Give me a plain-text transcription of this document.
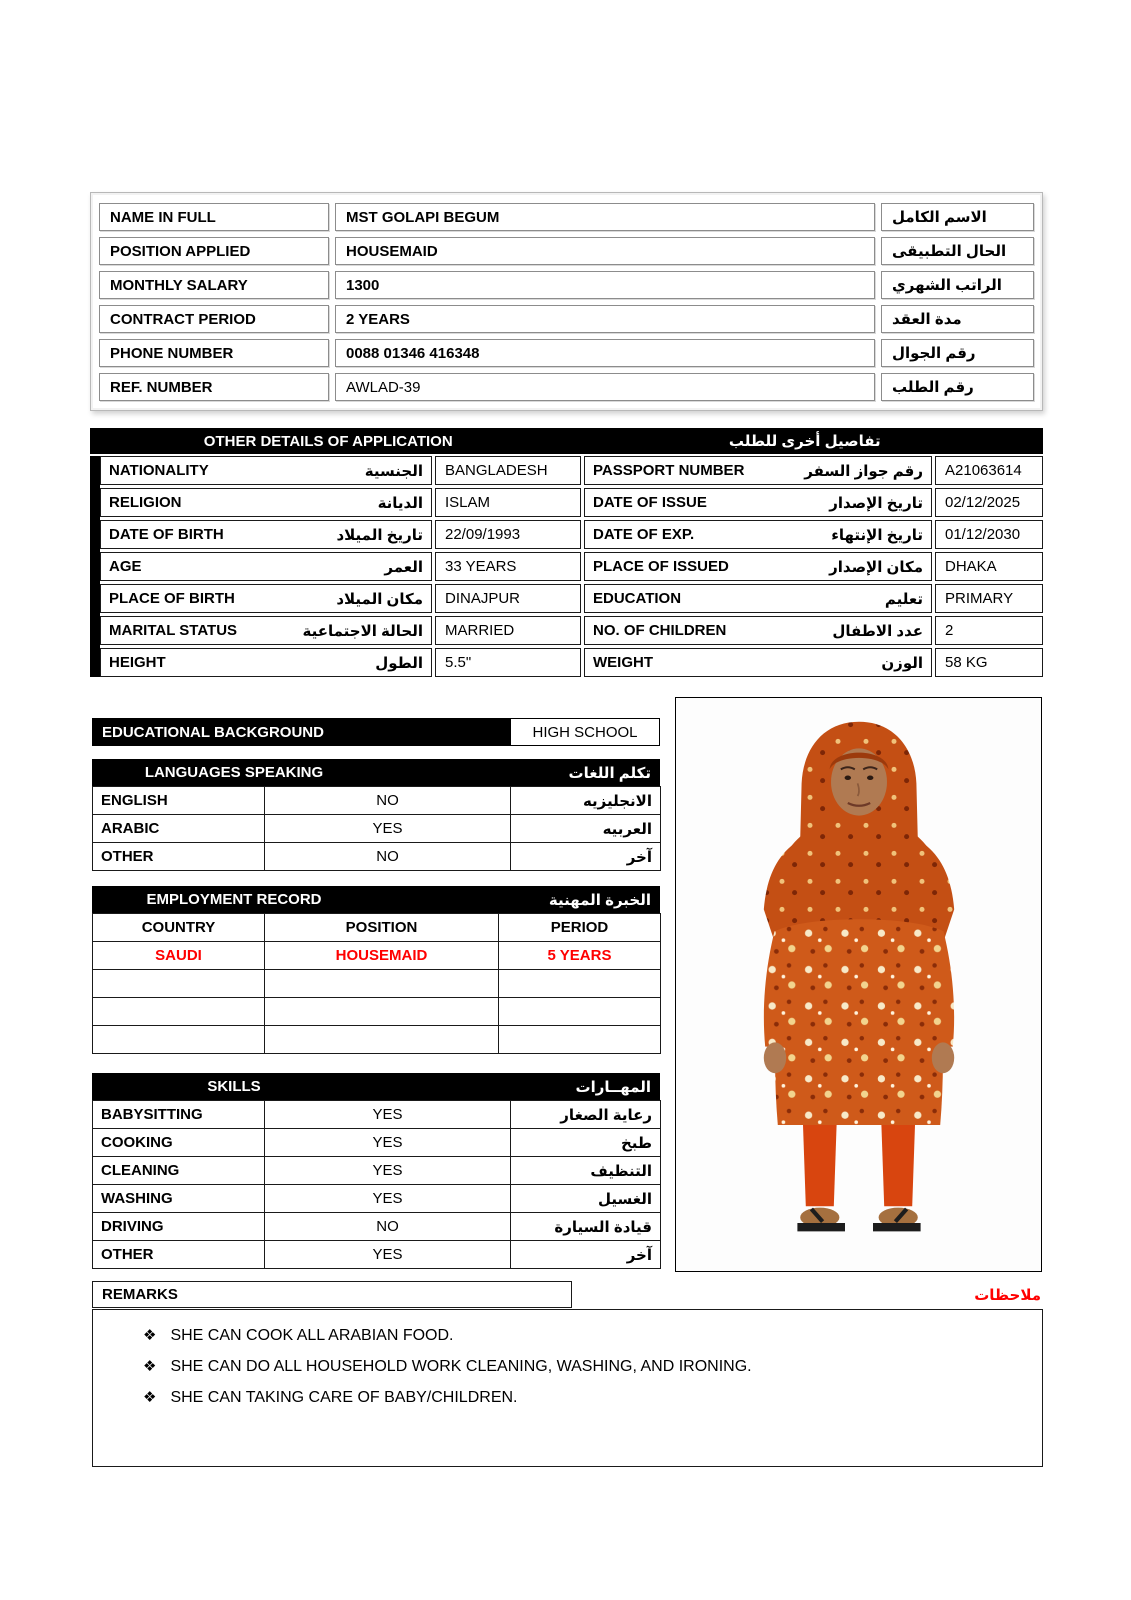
NAME IN FULL	MST GOLAPI BEGUM	الاسم الكامل
POSITION APPLIED	HOUSEMAID	الحال التطبيقى
MONTHLY SALARY	1300	الراتب الشهري
CONTRACT PERIOD	2 YEARS	مدة العقد
PHONE NUMBER	0088 01346 416348	رقم الجوال
REF. NUMBER	AWLAD-39	رقم الطلب
OTHER DETAILS OF APPLICATION	تفاصيل أخرى للطلب
NATIONALITY	الجنسية	BANGLADESH	PASSPORT NUMBER	رقم جواز السفر	A21063614
RELIGION	الديانة	ISLAM	DATE OF ISSUE	تاريخ الإصدار	02/12/2025
DATE OF BIRTH	تاريخ الميلاد	22/09/1993	DATE OF EXP.	تاريخ الإنتهاء	01/12/2030
AGE	العمر	33 YEARS	PLACE OF ISSUED	مكان الإصدار	DHAKA
PLACE OF BIRTH	مكان الميلاد	DINAJPUR	EDUCATION	تعليم	PRIMARY
MARITAL STATUS	الحالة الاجتماعية	MARRIED	NO. OF CHILDREN	عدد الاطفال	2
HEIGHT	الطول	5.5"	WEIGHT	الوزن	58 KG
EDUCATIONAL BACKGROUND	HIGH SCHOOL
LANGUAGES SPEAKING	تكلم اللغات
ENGLISH	NO	الانجليزيه
ARABIC	YES	العربيه
OTHER	NO	آخر
EMPLOYMENT RECORD	الخبرة المهنية
COUNTRY	POSITION	PERIOD
SAUDI	HOUSEMAID	5 YEARS

SKILLS	المهــارات
BABYSITTING	YES	رعاية الصغار
COOKING	YES	طبخ
CLEANING	YES	التنظيف
WASHING	YES	الغسيل
DRIVING	NO	قيادة السيارة
OTHER	YES	آخر
REMARKS	ملاحظات
❖ SHE CAN COOK ALL ARABIAN FOOD.
❖ SHE CAN DO ALL HOUSEHOLD WORK CLEANING, WASHING, AND IRONING.
❖ SHE CAN TAKING CARE OF BABY/CHILDREN.
